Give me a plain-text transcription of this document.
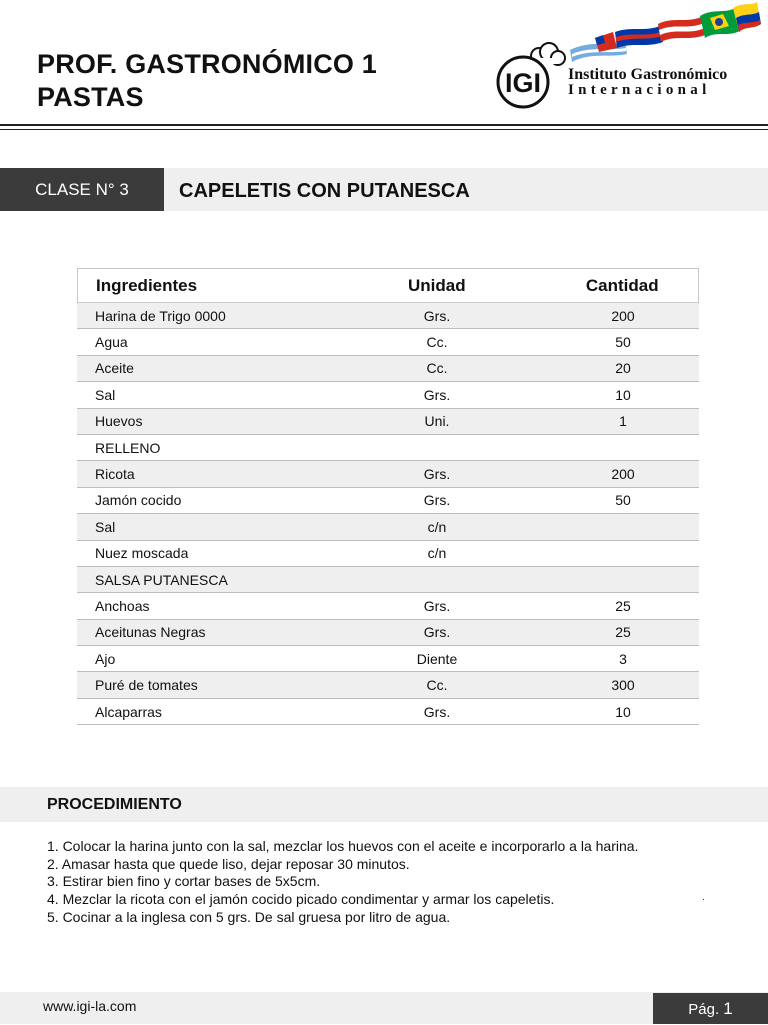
PROF. GASTRONÓMICO 1
PASTAS	IGI Instituto Gastronómico
Internacional
CLASE N° 3	CAPELETIS CON PUTANESCA
Ingredientes	Unidad	Cantidad
Harina de Trigo 0000	Grs.	200
Agua	Cc.	50
Aceite	Cc.	20
Sal	Grs.	10
Huevos	Uni.	1
RELLENO
Ricota	Grs.	200
Jamón cocido	Grs.	50
Sal	c/n
Nuez moscada	c/n
SALSA PUTANESCA
Anchoas	Grs.	25
Aceitunas Negras	Grs.	25
Ajo	Diente	3
Puré de tomates	Cc.	300
Alcaparras	Grs.	10
PROCEDIMIENTO
1. Colocar la harina junto con la sal, mezclar los huevos con el aceite e incorporarlo a la harina.
2. Amasar hasta que quede liso, dejar reposar 30 minutos.
3. Estirar bien fino y cortar bases de 5x5cm.
4. Mezclar la ricota con el jamón cocido picado condimentar y armar los capeletis.
5. Cocinar a la inglesa con 5 grs. De sal gruesa por litro de agua.
.
www.igi-la.com	Pág. 1
